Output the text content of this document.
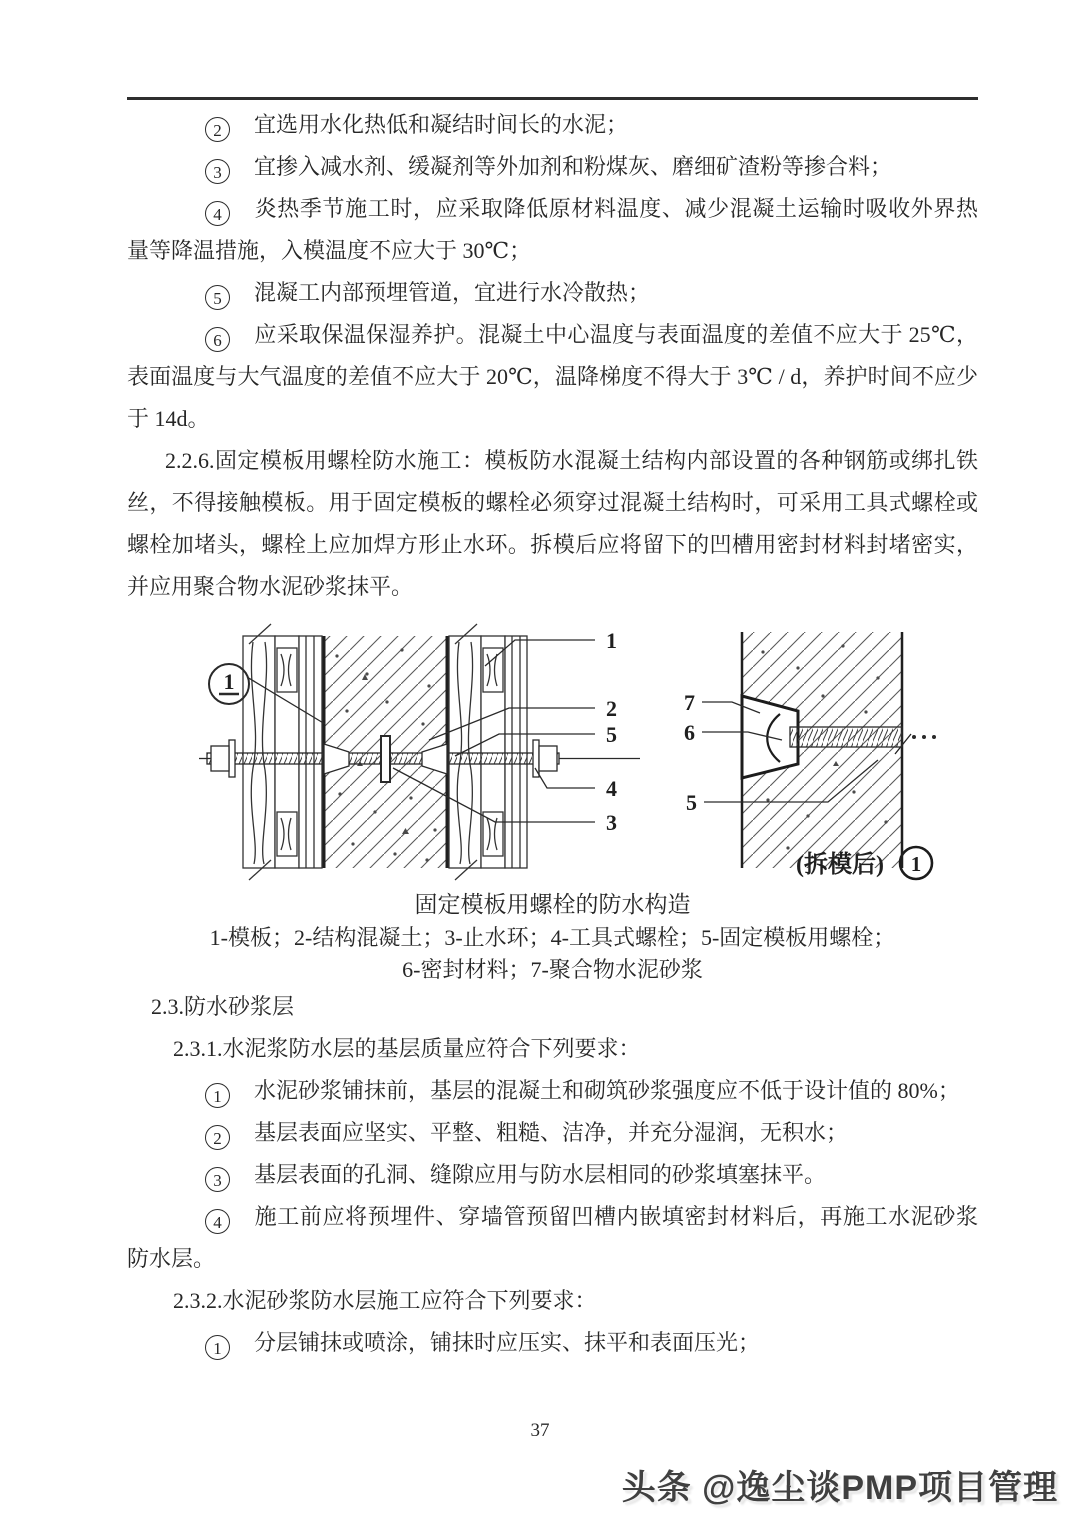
2 宜选用水化热低和凝结时间长的水泥；

3 宜掺入减水剂、缓凝剂等外加剂和粉煤灰、磨细矿渣粉等掺合料；

4 炎热季节施工时，应采取降低原材料温度、减少混凝土运输时吸收外界热量等降温措施，入模温度不应大于 30℃；

5 混凝工内部预埋管道，宜进行水冷散热；

6 应采取保温保湿养护。混凝土中心温度与表面温度的差值不应大于 25℃，表面温度与大气温度的差值不应大于 20℃，温降梯度不得大于 3℃ / d，养护时间不应少于 14d。

2.2.6.固定模板用螺栓防水施工：模板防水混凝土结构内部设置的各种钢筋或绑扎铁丝，不得接触模板。用于固定模板的螺栓必须穿过混凝土结构时，可采用工具式螺栓或螺栓加堵头，螺栓上应加焊方形止水环。拆模后应将留下的凹槽用密封材料封堵密实，并应用聚合物水泥砂浆抹平。

1
1
2
5
4
3
7
6
5
(拆模后) 1

固定模板用螺栓的防水构造

1-模板；2-结构混凝土；3-止水环；4-工具式螺栓；5-固定模板用螺栓；

6-密封材料；7-聚合物水泥砂浆

2.3.防水砂浆层

2.3.1.水泥浆防水层的基层质量应符合下列要求：

1 水泥砂浆铺抹前，基层的混凝土和砌筑砂浆强度应不低于设计值的 80%；

2 基层表面应坚实、平整、粗糙、洁净，并充分湿润，无积水；

3 基层表面的孔洞、缝隙应用与防水层相同的砂浆填塞抹平。

4 施工前应将预埋件、穿墙管预留凹槽内嵌填密封材料后，再施工水泥砂浆防水层。

2.3.2.水泥砂浆防水层施工应符合下列要求：

1 分层铺抹或喷涂，铺抹时应压实、抹平和表面压光；

37
头条 @逸尘谈PMP项目管理
